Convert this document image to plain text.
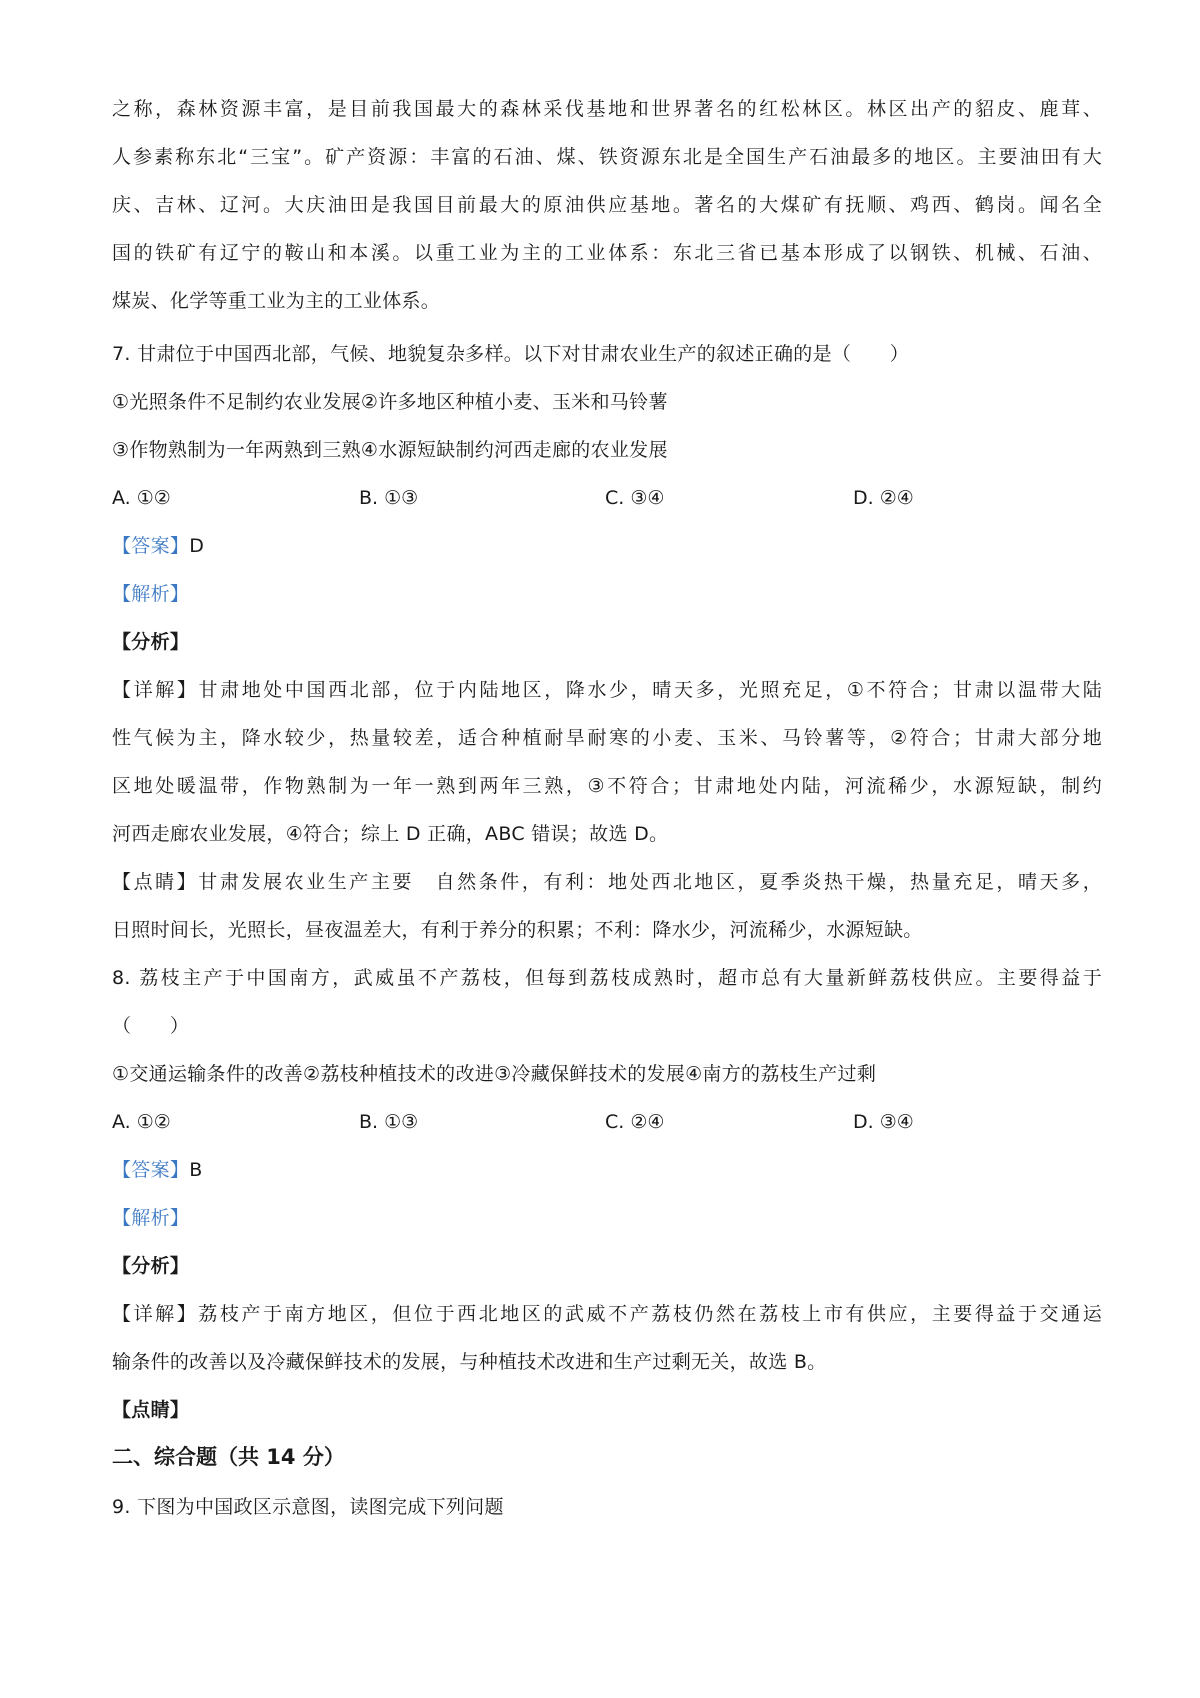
之称，森林资源丰富，是目前我国最大的森林采伐基地和世界著名的红松林区。林区出产的貂皮、鹿茸、
人参素称东北“三宝”。矿产资源：丰富的石油、煤、铁资源东北是全国生产石油最多的地区。主要油田有大
庆、吉林、辽河。大庆油田是我国目前最大的原油供应基地。著名的大煤矿有抚顺、鸡西、鹤岗。闻名全
国的铁矿有辽宁的鞍山和本溪。以重工业为主的工业体系：东北三省已基本形成了以钢铁、机械、石油、
煤炭、化学等重工业为主的工业体系。
7. 甘肃位于中国西北部，气候、地貌复杂多样。以下对甘肃农业生产的叙述正确的是（　　）
①光照条件不足制约农业发展②许多地区种植小麦、玉米和马铃薯
③作物熟制为一年两熟到三熟④水源短缺制约河西走廊的农业发展
A. ①②	B. ①③	C. ③④	D. ②④
【答案】D
【解析】
【分析】
【详解】甘肃地处中国西北部，位于内陆地区，降水少，晴天多，光照充足，①不符合；甘肃以温带大陆
性气候为主，降水较少，热量较差，适合种植耐旱耐寒的小麦、玉米、马铃薯等，②符合；甘肃大部分地
区地处暖温带，作物熟制为一年一熟到两年三熟，③不符合；甘肃地处内陆，河流稀少，水源短缺，制约
河西走廊农业发展，④符合；综上 D 正确，ABC 错误；故选 D。
【点睛】甘肃发展农业生产主要　自然条件，有利：地处西北地区，夏季炎热干燥，热量充足，晴天多，
日照时间长，光照长，昼夜温差大，有利于养分的积累；不利：降水少，河流稀少，水源短缺。
8. 荔枝主产于中国南方，武威虽不产荔枝，但每到荔枝成熟时，超市总有大量新鲜荔枝供应。主要得益于
（　　）
①交通运输条件的改善②荔枝种植技术的改进③冷藏保鲜技术的发展④南方的荔枝生产过剩
A. ①②	B. ①③	C. ②④	D. ③④
【答案】B
【解析】
【分析】
【详解】荔枝产于南方地区，但位于西北地区的武威不产荔枝仍然在荔枝上市有供应，主要得益于交通运
输条件的改善以及冷藏保鲜技术的发展，与种植技术改进和生产过剩无关，故选 B。
【点睛】
二、综合题（共 14 分）
9. 下图为中国政区示意图，读图完成下列问题
